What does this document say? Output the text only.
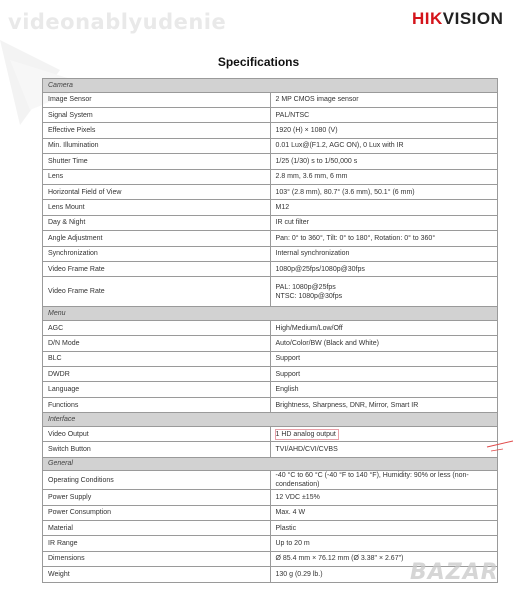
videonablyudenie	HIKVISION
Specifications
Camera	
Image Sensor	2 MP CMOS image sensor

Signal System	PAL/NTSC

Effective Pixels	1920 (H) × 1080 (V)

Min. Illumination	0.01 Lux@(F1.2, AGC ON), 0 Lux with IR

Shutter Time	1/25 (1/30) s to 1/50,000 s

Lens	2.8 mm, 3.6 mm, 6 mm

Horizontal Field of View	103° (2.8 mm), 80.7° (3.6 mm), 50.1° (6 mm)

Lens Mount	M12

Day & Night	IR cut filter

Angle Adjustment	Pan: 0° to 360°, Tilt: 0° to 180°, Rotation: 0° to 360°

Synchronization	Internal synchronization

Video Frame Rate	1080p@25fps/1080p@30fps

Video Frame Rate	PAL: 1080p@25fps
NTSC: 1080p@30fps

Menu	
AGC	High/Medium/Low/Off

D/N Mode	Auto/Color/BW (Black and White)

BLC	Support

DWDR	Support

Language	English

Functions	Brightness, Sharpness, DNR, Mirror, Smart IR

Interface	
Video Output	1 HD analog output
Switch Button	TVI/AHD/CVI/CVBS

General	
Operating Conditions	-40 °C to 60 °C (-40 °F to 140 °F), Humidity: 90% or less (non-condensation)

Power Supply	12 VDC ±15%

Power Consumption	Max. 4 W

Material	Plastic

IR Range	Up to 20 m

Dimensions	Ø 85.4 mm × 76.12 mm (Ø 3.38" × 2.67")

Weight	130 g (0.29 lb.)	BAZAR
